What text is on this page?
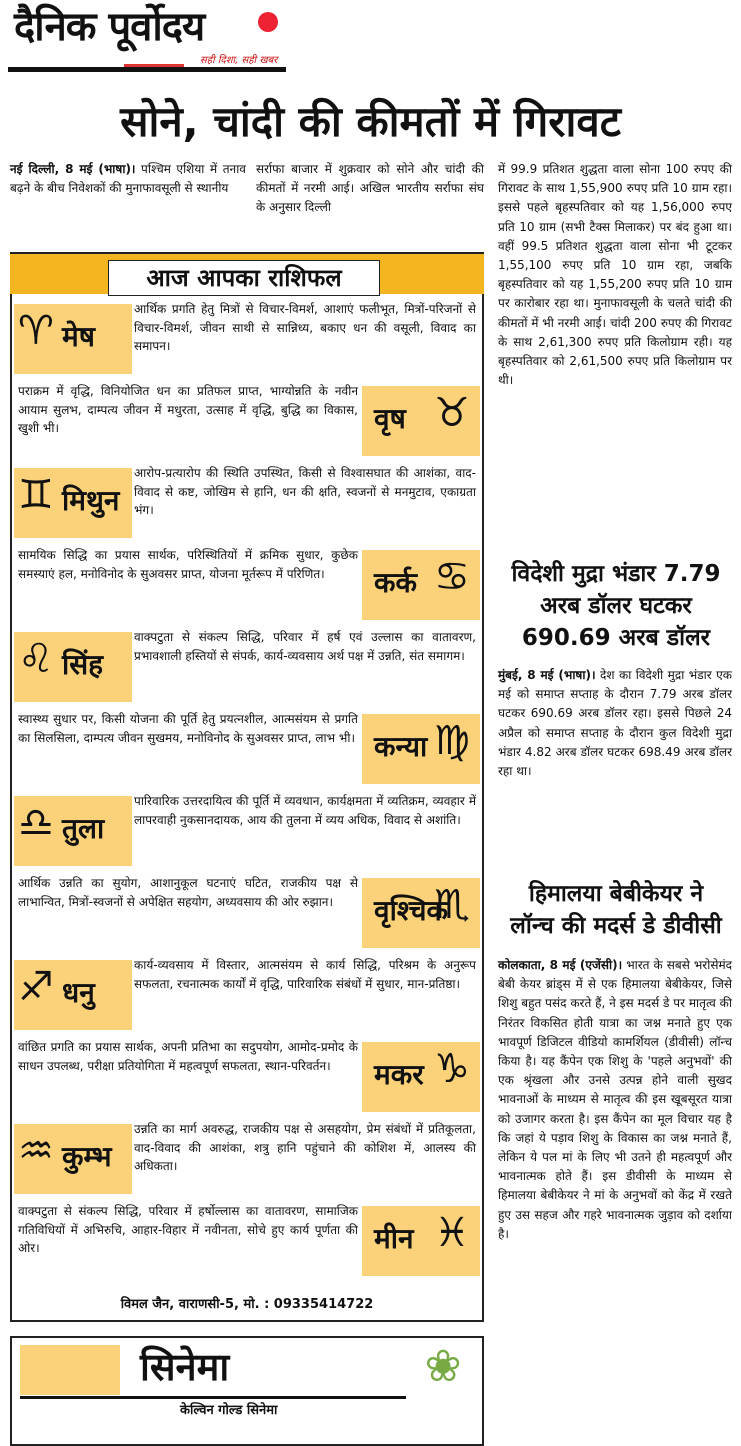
दैनिक पूर्वोदय
सही दिशा, सही खबर
सोने, चांदी की कीमतों में गिरावट

नई दिल्ली, 8 मई (भाषा)। पश्चिम एशिया में तनाव बढ़ने के बीच निवेशकों की मुनाफावसूली से स्थानीय

सर्राफा बाजार में शुक्रवार को सोने और चांदी की कीमतों में नरमी आई। अखिल भारतीय सर्राफा संघ के अनुसार दिल्ली
में 99.9 प्रतिशत शुद्धता वाला सोना 100 रुपए की गिरावट के साथ 1,55,900 रुपए प्रति 10 ग्राम रहा। इससे पहले बृहस्पतिवार को यह 1,56,000 रुपए प्रति 10 ग्राम (सभी टैक्स मिलाकर) पर बंद हुआ था। वहीं 99.5 प्रतिशत शुद्धता वाला सोना भी टूटकर 1,55,100 रुपए प्रति 10 ग्राम रहा, जबकि बृहस्पतिवार को यह 1,55,200 रुपए प्रति 10 ग्राम पर कारोबार रहा था। मुनाफावसूली के चलते चांदी की कीमतों में भी नरमी आई। चांदी 200 रुपए की गिरावट के साथ 2,61,300 रुपए प्रति किलोग्राम रही। यह बृहस्पतिवार को 2,61,500 रुपए प्रति किलोग्राम पर थी।
आज आपका राशिफल
♈ मेष
आर्थिक प्रगति हेतु मित्रों से विचार-विमर्श, आशाएं फलीभूत, मित्रों-परिजनों से विचार-विमर्श, जीवन साथी से सान्निध्य, बकाए धन की वसूली, विवाद का समापन।
♉
वृष
पराक्रम में वृद्धि, विनियोजित धन का प्रतिफल प्राप्त, भाग्योन्नति के नवीन आयाम सुलभ, दाम्पत्य जीवन में मधुरता, उत्साह में वृद्धि, बुद्धि का विकास, खुशी भी।
♊ मिथुन
आरोप-प्रत्यारोप की स्थिति उपस्थित, किसी से विश्वासघात की आशंका, वाद-विवाद से कष्ट, जोखिम से हानि, धन की क्षति, स्वजनों से मनमुटाव, एकाग्रता भंग।
♋
कर्क
सामयिक सिद्धि का प्रयास सार्थक, परिस्थितियों में क्रमिक सुधार, कुछेक समस्याएं हल, मनोविनोद के सुअवसर प्राप्त, योजना मूर्तरूप में परिणित।
♌ सिंह
वाक्पटुता से संकल्प सिद्धि, परिवार में हर्ष एवं उल्लास का वातावरण, प्रभावशाली हस्तियों से संपर्क, कार्य-व्यवसाय अर्थ पक्ष में उन्नति, संत समागम।
♍
कन्या
स्वास्थ्य सुधार पर, किसी योजना की पूर्ति हेतु प्रयत्नशील, आत्मसंयम से प्रगति का सिलसिला, दाम्पत्य जीवन सुखमय, मनोविनोद के सुअवसर प्राप्त, लाभ भी।
♎ तुला
पारिवारिक उत्तरदायित्व की पूर्ति में व्यवधान, कार्यक्षमता में व्यतिक्रम, व्यवहार में लापरवाही नुकसानदायक, आय की तुलना में व्यय अधिक, विवाद से अशांति।
♏
वृश्चिक
आर्थिक उन्नति का सुयोग, आशानुकूल घटनाएं घटित, राजकीय पक्ष से लाभान्वित, मित्रों-स्वजनों से अपेक्षित सहयोग, अध्यवसाय की ओर रुझान।
♐ धनु
कार्य-व्यवसाय में विस्तार, आत्मसंयम से कार्य सिद्धि, परिश्रम के अनुरूप सफलता, रचनात्मक कार्यों में वृद्धि, पारिवारिक संबंधों में सुधार, मान-प्रतिष्ठा।
♑
मकर
वांछित प्रगति का प्रयास सार्थक, अपनी प्रतिभा का सदुपयोग, आमोद-प्रमोद के साधन उपलब्ध, परीक्षा प्रतियोगिता में महत्वपूर्ण सफलता, स्थान-परिवर्तन।
♒ कुम्भ
उन्नति का मार्ग अवरुद्ध, राजकीय पक्ष से असहयोग, प्रेम संबंधों में प्रतिकूलता, वाद-विवाद की आशंका, शत्रु हानि पहुंचाने की कोशिश में, आलस्य की अधिकता।
♓
मीन
वाक्पटुता से संकल्प सिद्धि, परिवार में हर्षोल्लास का वातावरण, सामाजिक गतिविधियों में अभिरुचि, आहार-विहार में नवीनता, सोचे हुए कार्य पूर्णता की ओर।
विमल जैन, वाराणसी-5, मो. : 09335414722
सिनेमा	❀
केल्विन गोल्ड सिनेमा
विदेशी मुद्रा भंडार 7.79
अरब डॉलर घटकर
690.69 अरब डॉलर
मुंबई, 8 मई (भाषा)। देश का विदेशी मुद्रा भंडार एक मई को समाप्त सप्ताह के दौरान 7.79 अरब डॉलर घटकर 690.69 अरब डॉलर रहा। इससे पिछले 24 अप्रैल को समाप्त सप्ताह के दौरान कुल विदेशी मुद्रा भंडार 4.82 अरब डॉलर घटकर 698.49 अरब डॉलर रहा था।
हिमालया बेबीकेयर ने
लॉन्च की मदर्स डे डीवीसी
कोलकाता, 8 मई (एजेंसी)। भारत के सबसे भरोसेमंद बेबी केयर ब्रांड्स में से एक हिमालया बेबीकेयर, जिसे शिशु बहुत पसंद करते हैं, ने इस मदर्स डे पर मातृत्व की निरंतर विकसित होती यात्रा का जश्न मनाते हुए एक भावपूर्ण डिजिटल वीडियो कामर्शियल (डीवीसी) लॉन्च किया है। यह कैंपेन एक शिशु के 'पहले अनुभवों' की एक श्रृंखला और उनसे उत्पन्न होने वाली सुखद भावनाओं के माध्यम से मातृत्व की इस खूबसूरत यात्रा को उजागर करता है। इस कैंपेन का मूल विचार यह है कि जहां ये पड़ाव शिशु के विकास का जश्न मनाते हैं, लेकिन ये पल मां के लिए भी उतने ही महत्वपूर्ण और भावनात्मक होते हैं। इस डीवीसी के माध्यम से हिमालया बेबीकेयर ने मां के अनुभवों को केंद्र में रखते हुए उस सहज और गहरे भावनात्मक जुड़ाव को दर्शाया है।
